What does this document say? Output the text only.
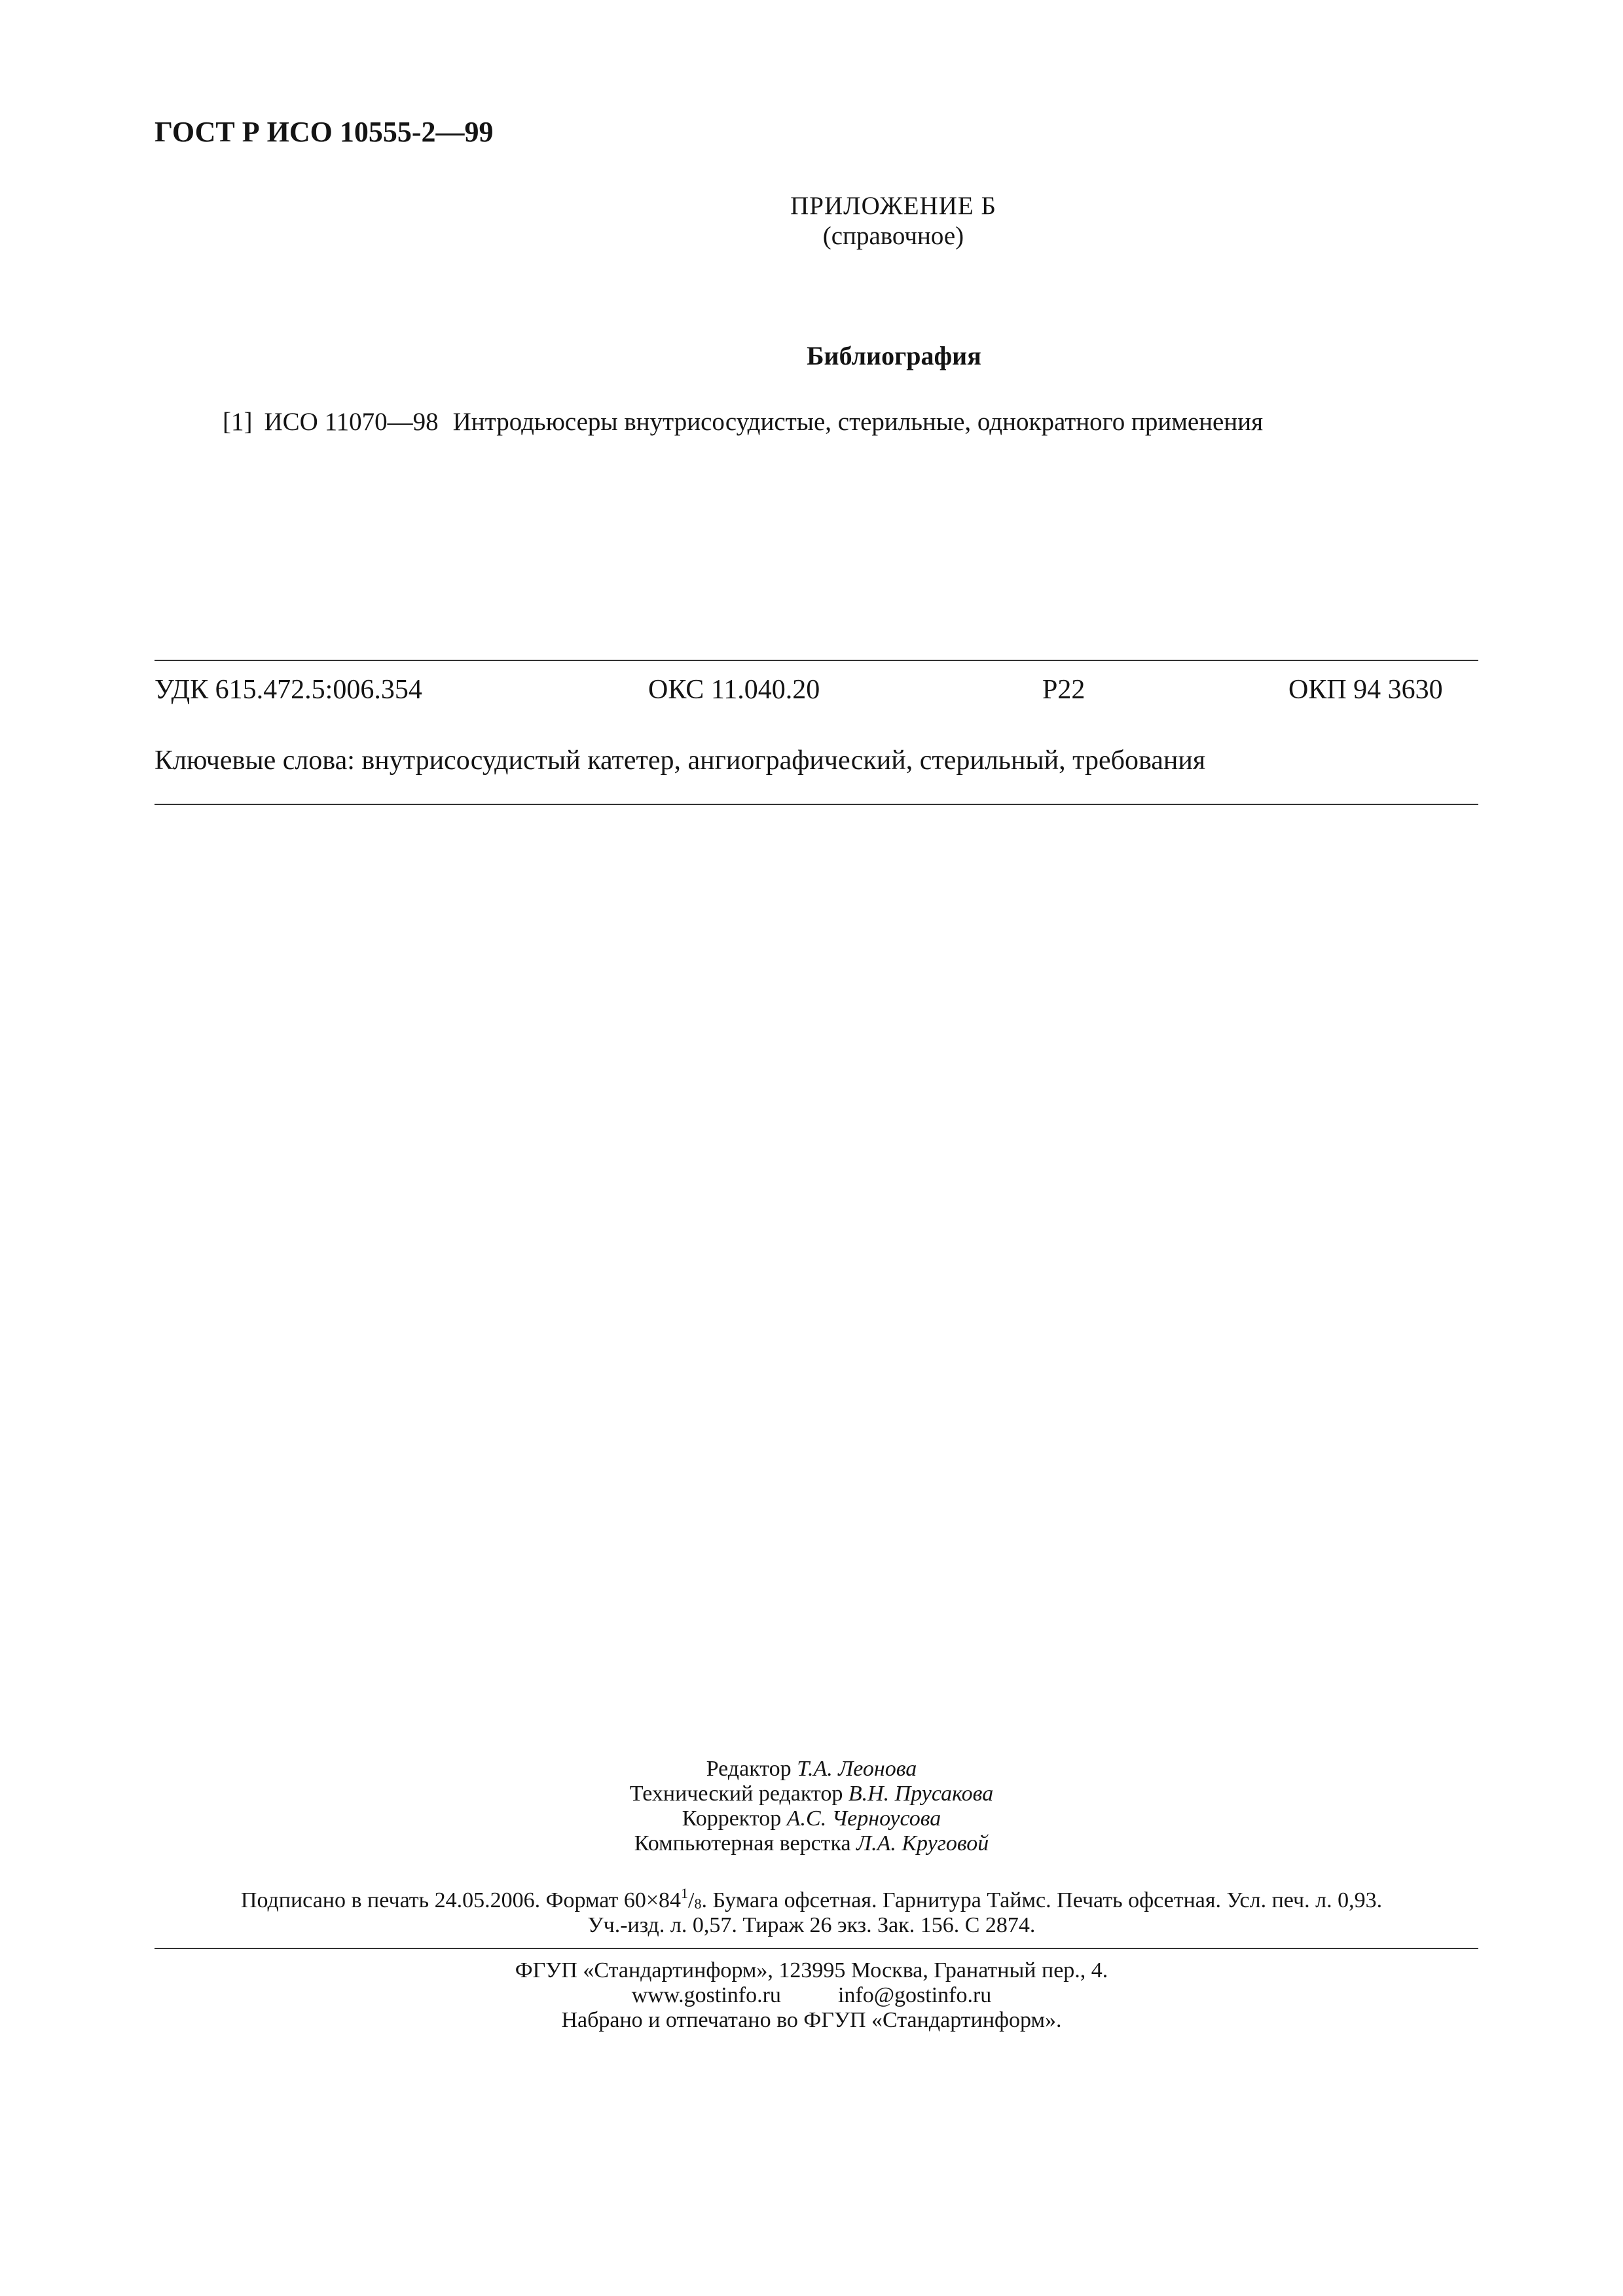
ГОСТ Р ИСО 10555-2—99
ПРИЛОЖЕНИЕ Б
(справочное)
Библиография
[1] ИСО 11070—98 Интродьюсеры внутрисосудистые, стерильные, однократного применения
УДК 615.472.5:006.354	ОКС 11.040.20	Р22	ОКП 94 3630
Ключевые слова: внутрисосудистый катетер, ангиографический, стерильный, требования
Редактор Т.А. Леонова
Технический редактор В.Н. Прусакова
Корректор А.С. Черноусова
Компьютерная верстка Л.А. Круговой
Подписано в печать 24.05.2006. Формат $60\times 84^1/_8$. Бумага офсетная. Гарнитура Таймс. Печать офсетная. Усл. печ. л. 0,93.
Уч.-изд. л. 0,57. Тираж 26 экз. Зак. 156. С 2874.
ФГУП «Стандартинформ», 123995 Москва, Гранатный пер., 4.
www.gostinfo.ru	info@gostinfo.ru
Набрано и отпечатано во ФГУП «Стандартинформ».
